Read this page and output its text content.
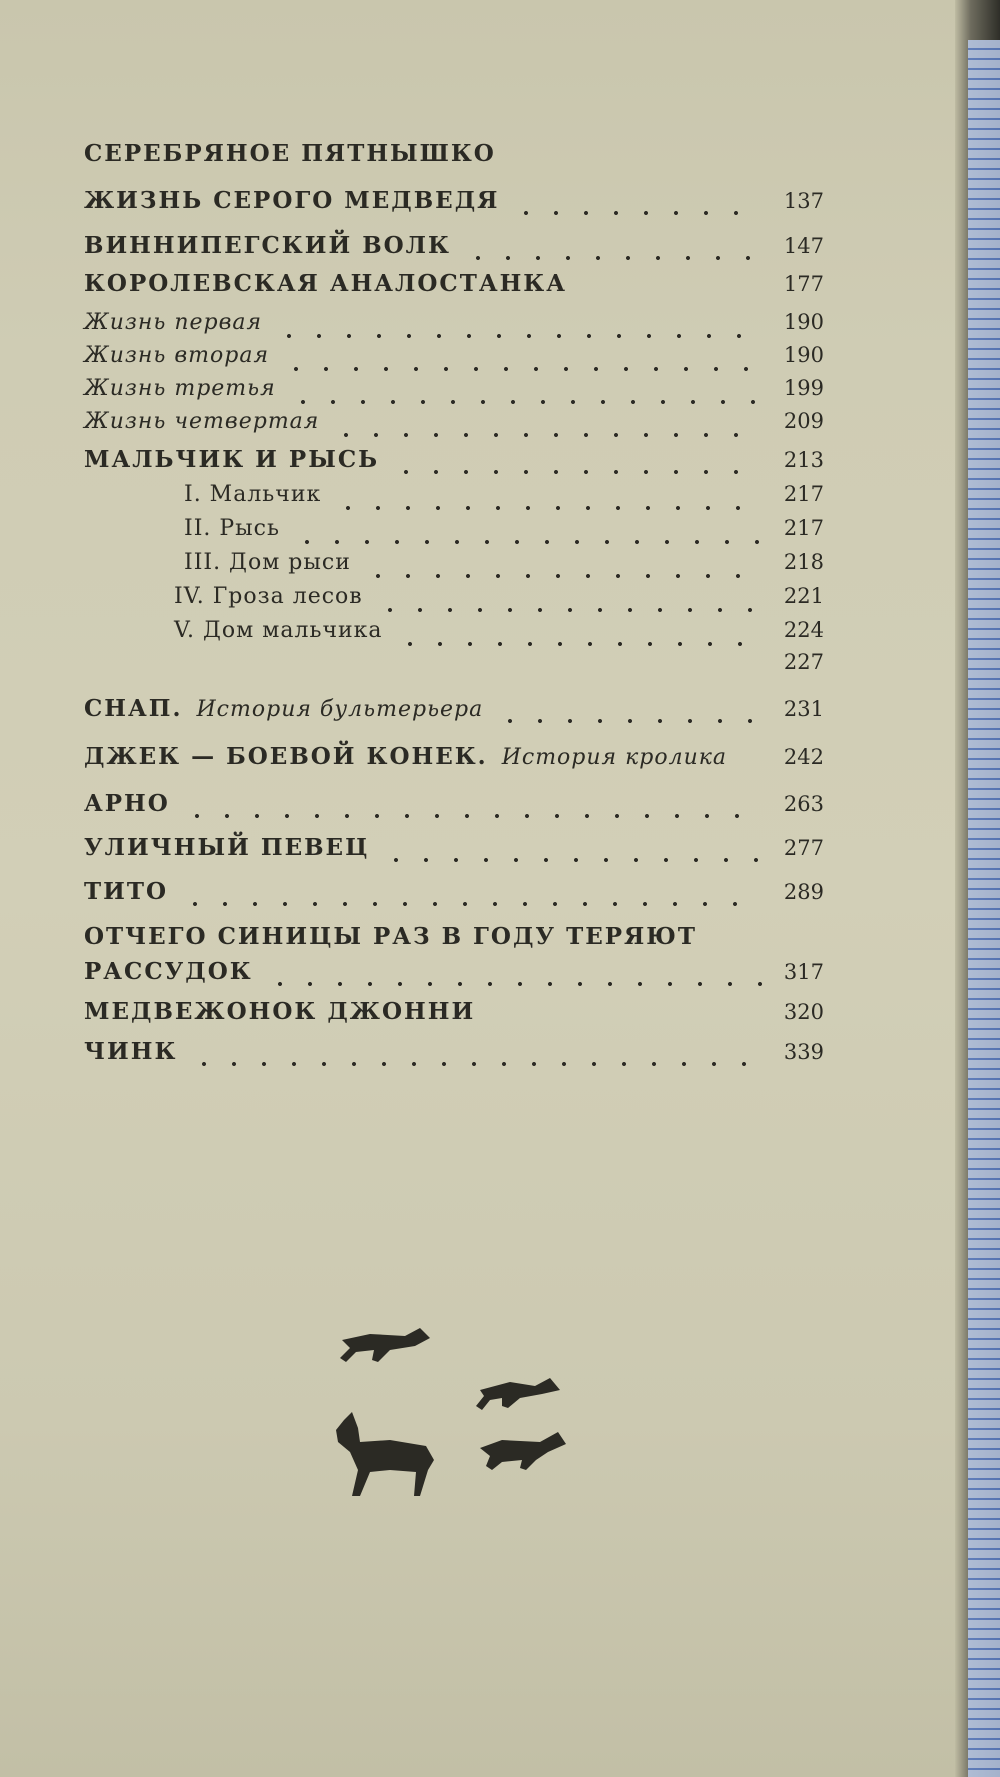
СЕРЕБРЯНОЕ ПЯТНЫШКО
ЖИЗНЬ СЕРОГО МЕДВЕДЯ	137
ВИННИПЕГСКИЙ ВОЛК	147
КОРОЛЕВСКАЯ АНАЛОСТАНКА	177
Жизнь первая	190
Жизнь вторая	190
Жизнь третья	199
Жизнь четвертая	209
МАЛЬЧИК И РЫСЬ	213
I. Мальчик	217
II. Рысь	217
III. Дом рыси	218
IV. Гроза лесов	221
V. Дом мальчика	224
227
СНАП. История бультерьера	231
ДЖЕК — БОЕВОЙ КОНЕК. История кролика	242
АРНО	263
УЛИЧНЫЙ ПЕВЕЦ	277
ТИТО	289
ОТЧЕГО СИНИЦЫ РАЗ В ГОДУ ТЕРЯЮТ
РАССУДОК	317
МЕДВЕЖОНОК ДЖОННИ	320
ЧИНК	339
